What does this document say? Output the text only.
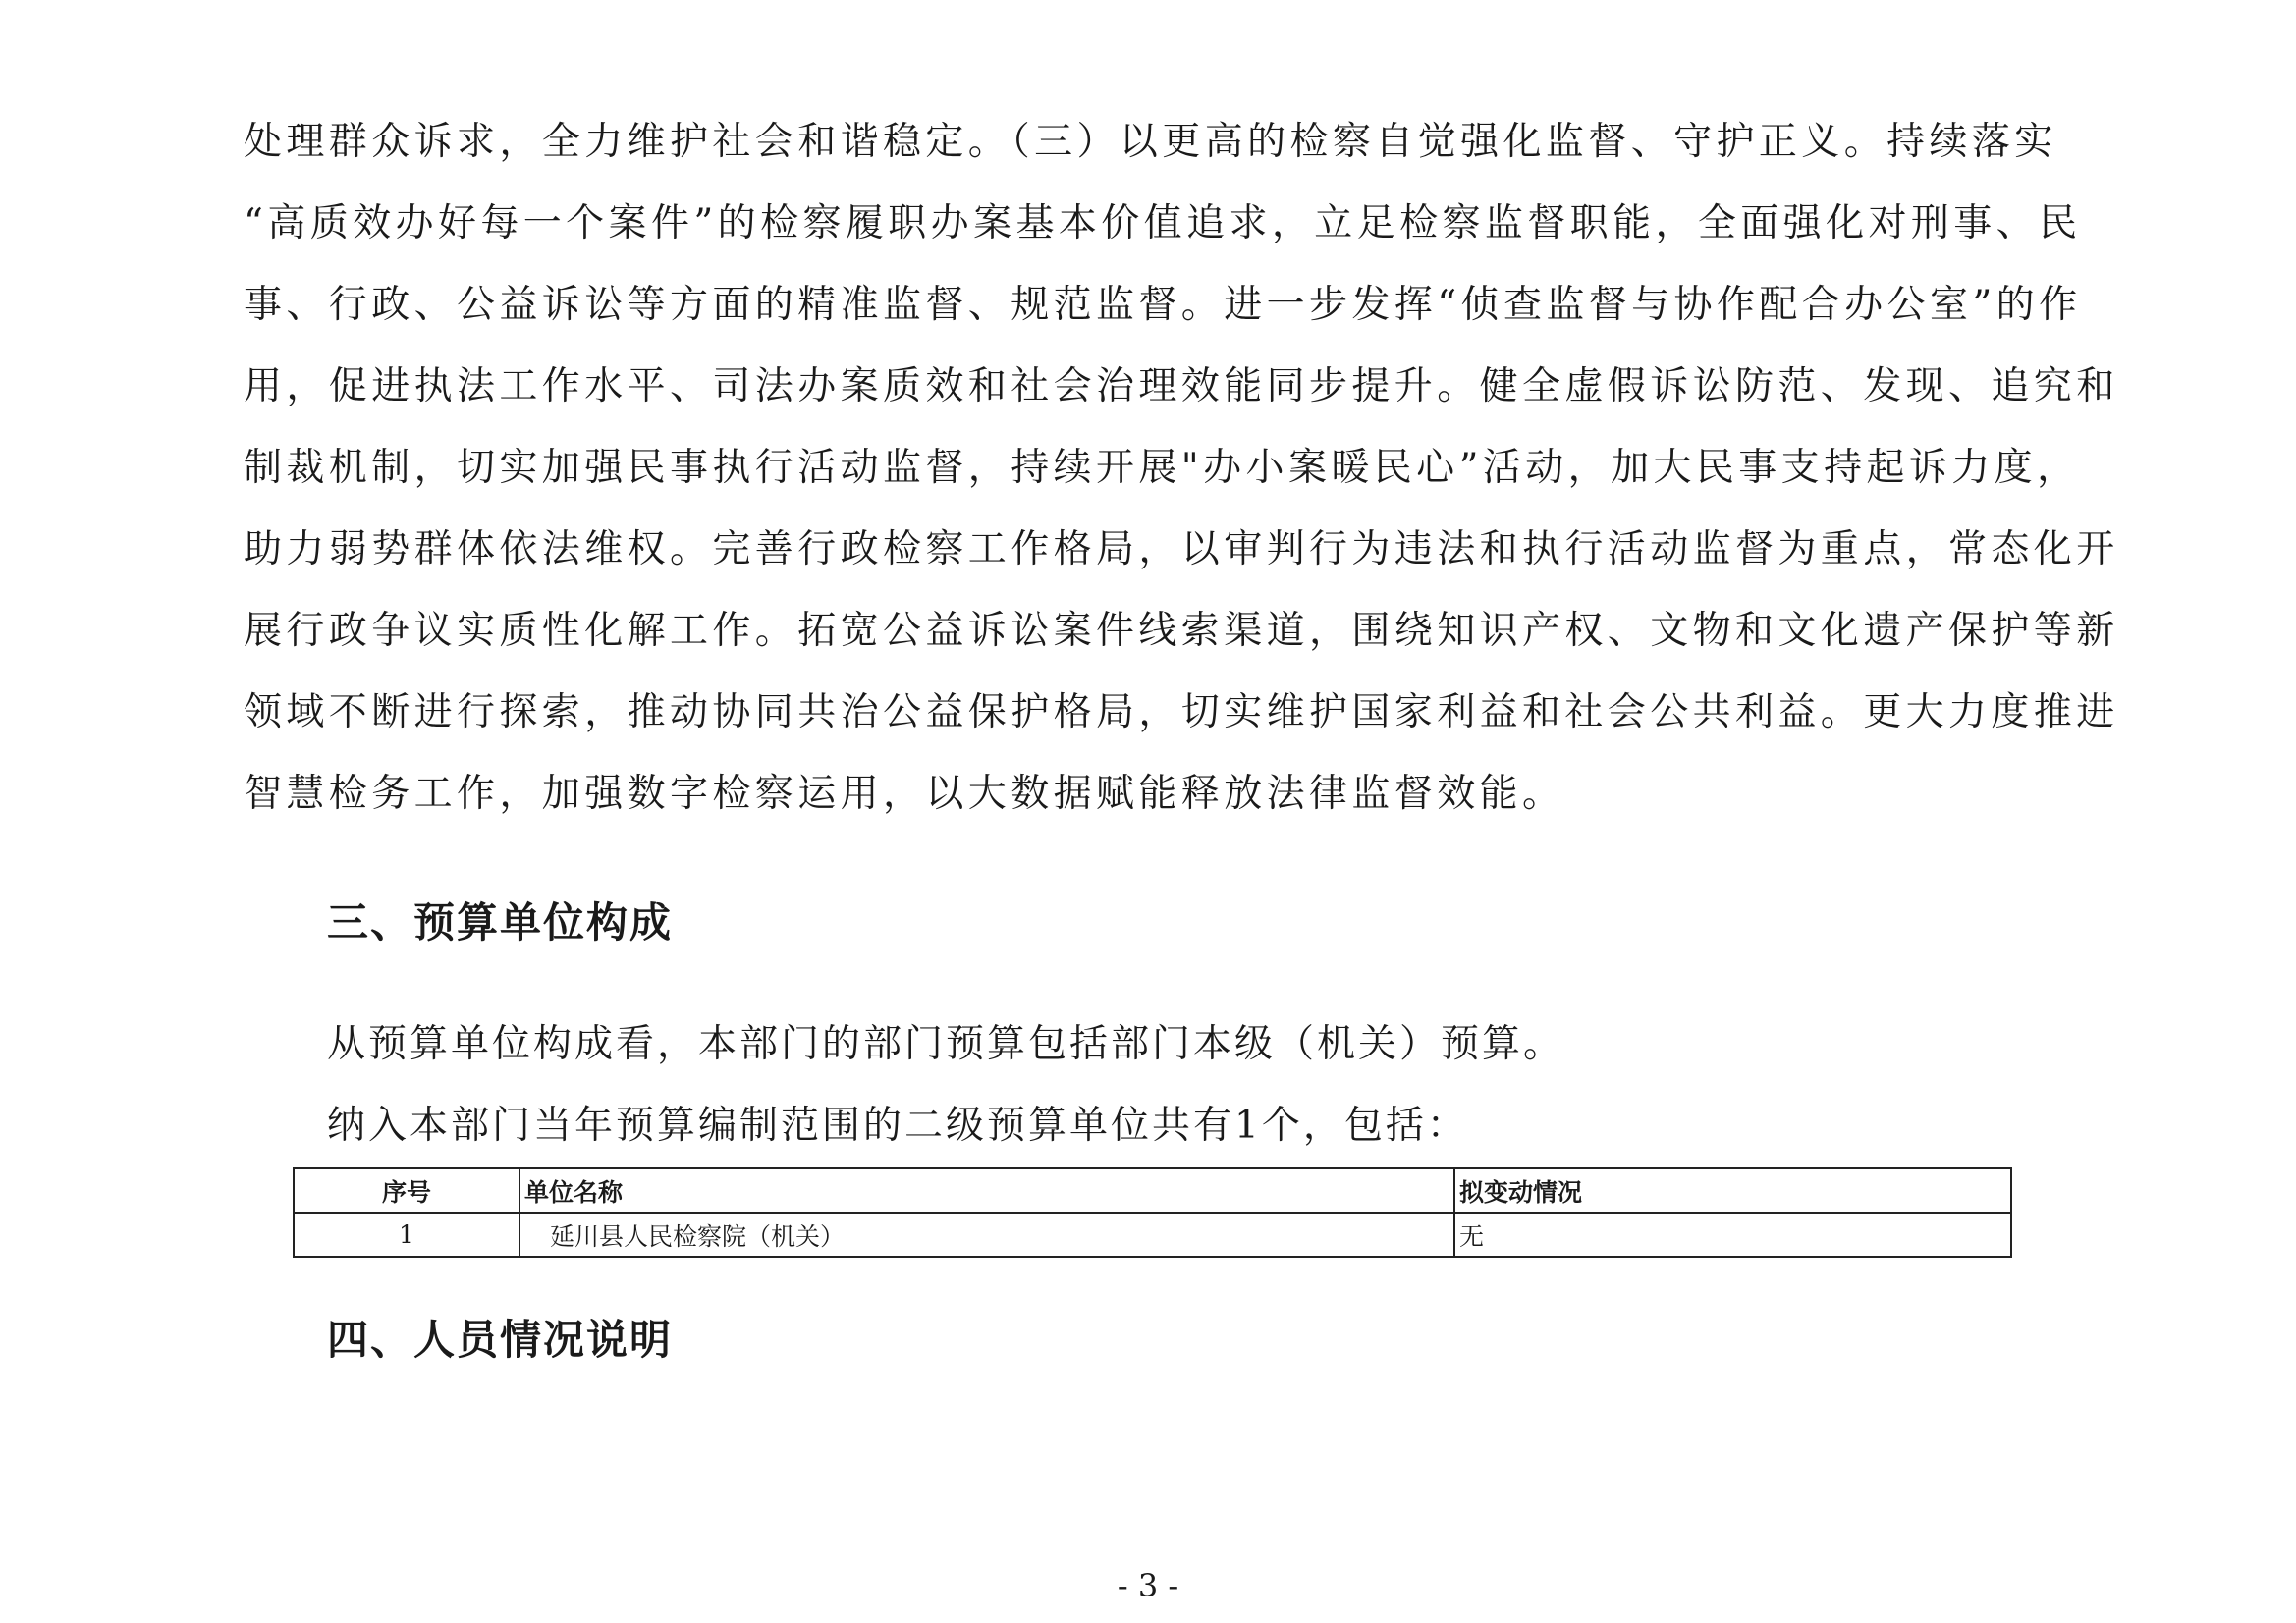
处理群众诉求，全力维护社会和谐稳定。（三）以更高的检察自觉强化监督、守护正义。持续落实
“高质效办好每一个案件”的检察履职办案基本价值追求，立足检察监督职能，全面强化对刑事、民
事、行政、公益诉讼等方面的精准监督、规范监督。进一步发挥“侦查监督与协作配合办公室”的作
用，促进执法工作水平、司法办案质效和社会治理效能同步提升。健全虚假诉讼防范、发现、追究和
制裁机制，切实加强民事执行活动监督，持续开展"办小案暖民心”活动，加大民事支持起诉力度，
助力弱势群体依法维权。完善行政检察工作格局，以审判行为违法和执行活动监督为重点，常态化开
展行政争议实质性化解工作。拓宽公益诉讼案件线索渠道，围绕知识产权、文物和文化遗产保护等新
领域不断进行探索，推动协同共治公益保护格局，切实维护国家利益和社会公共利益。更大力度推进
智慧检务工作，加强数字检察运用，以大数据赋能释放法律监督效能。
三、预算单位构成
从预算单位构成看，本部门的部门预算包括部门本级（机关）预算。
纳入本部门当年预算编制范围的二级预算单位共有1个，包括：
序号	单位名称	拟变动情况
1	延川县人民检察院（机关）	无
四、人员情况说明
- 3 -
